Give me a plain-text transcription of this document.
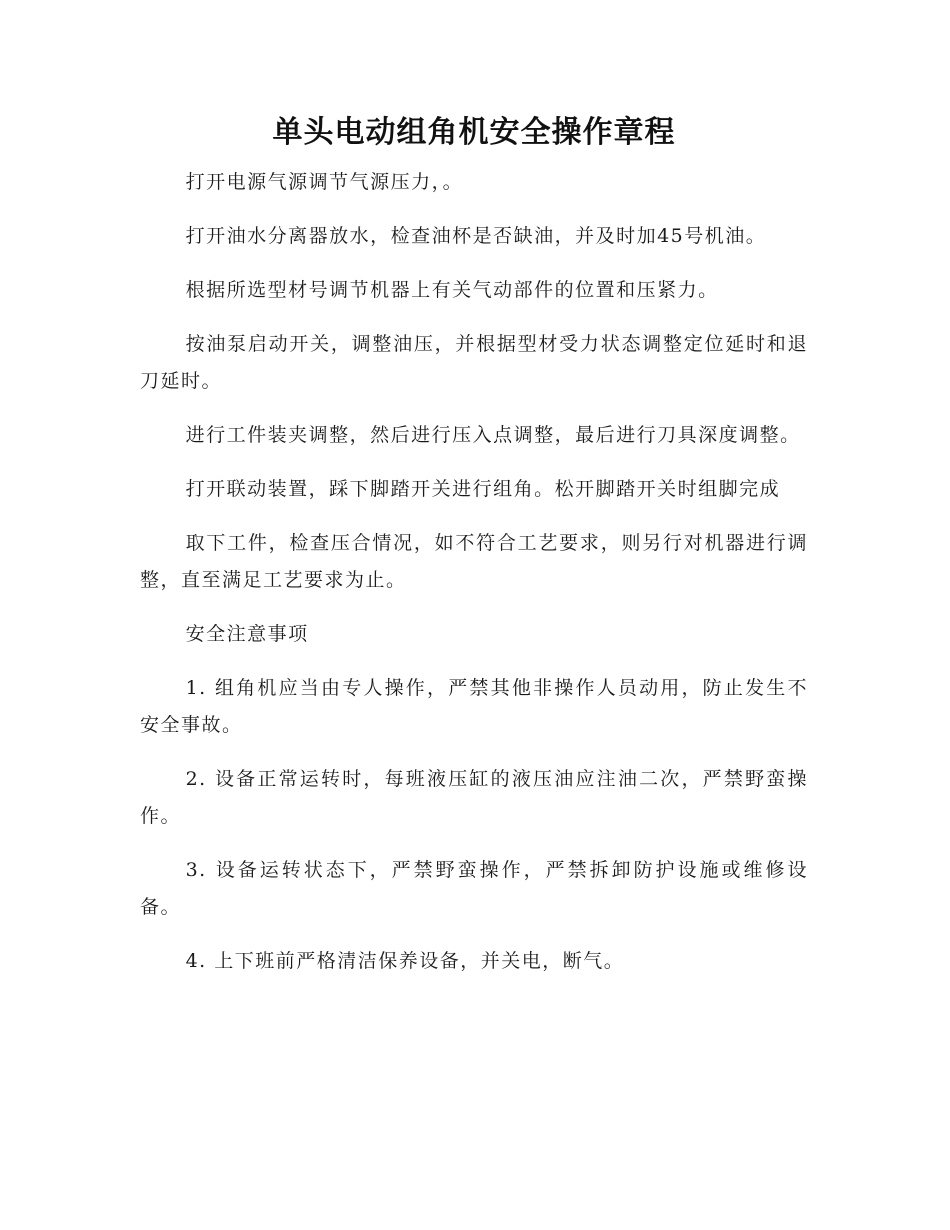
单头电动组角机安全操作章程

打开电源气源调节气源压力，。

打开油水分离器放水，检查油杯是否缺油，并及时加45号机油。

根据所选型材号调节机器上有关气动部件的位置和压紧力。

按油泵启动开关，调整油压，并根据型材受力状态调整定位延时和退刀延时。

进行工件装夹调整，然后进行压入点调整，最后进行刀具深度调整。

打开联动装置，踩下脚踏开关进行组角。松开脚踏开关时组脚完成

取下工件，检查压合情况，如不符合工艺要求，则另行对机器进行调整，直至满足工艺要求为止。

安全注意事项

1. 组角机应当由专人操作，严禁其他非操作人员动用，防止发生不安全事故。

2. 设备正常运转时，每班液压缸的液压油应注油二次，严禁野蛮操作。

3. 设备运转状态下，严禁野蛮操作，严禁拆卸防护设施或维修设备。

4. 上下班前严格清洁保养设备，并关电，断气。
